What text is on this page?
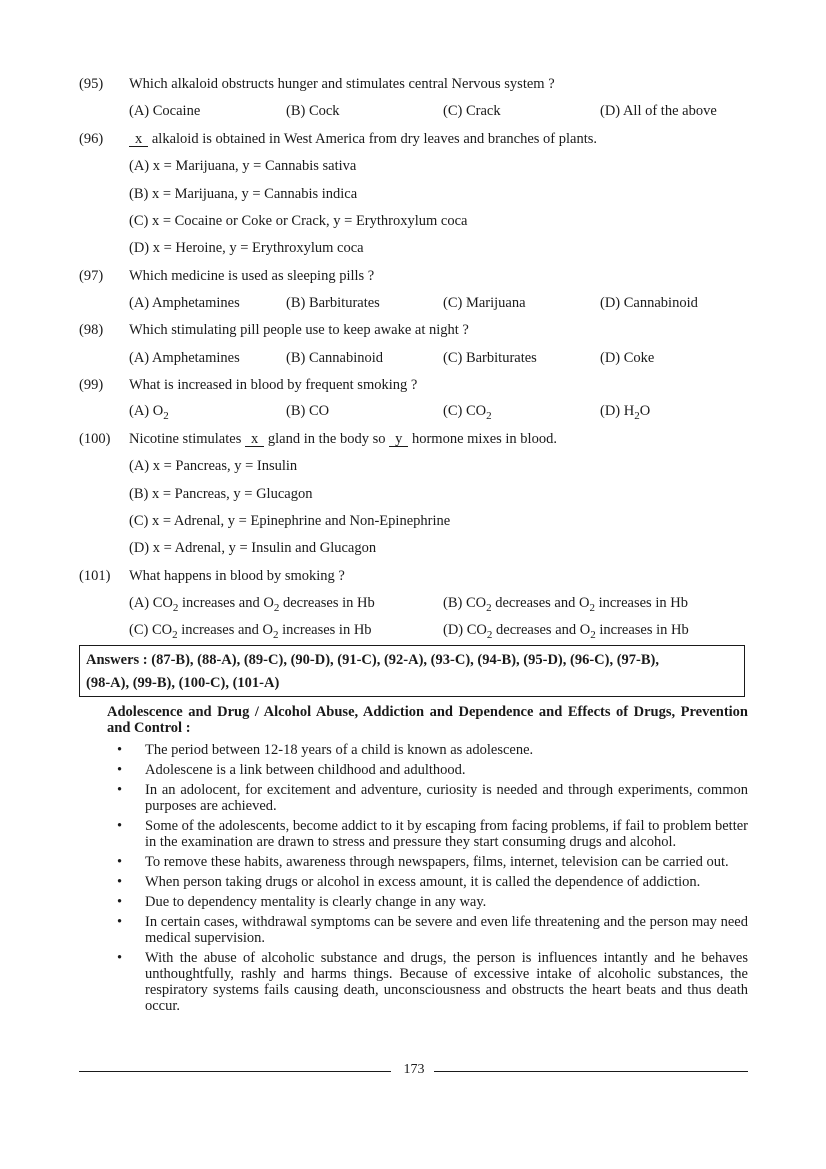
(95) Which alkaloid obstructs hunger and stimulates central Nervous system ?
(A) Cocaine	(B) Cock	(C) Crack	(D) All of the above
(96)	x alkaloid is obtained in West America from dry leaves and branches of plants.
(A) x = Marijuana, y = Cannabis sativa
(B) x = Marijuana, y = Cannabis indica
(C) x = Cocaine or Coke or Crack, y = Erythroxylum coca
(D) x = Heroine, y = Erythroxylum coca
(97) Which medicine is used as sleeping pills ?
(A) Amphetamines	(B) Barbiturates	(C) Marijuana	(D) Cannabinoid
(98) Which stimulating pill people use to keep awake at night ?
(A) Amphetamines	(B) Cannabinoid	(C) Barbiturates	(D) Coke
(99) What is increased in blood by frequent smoking ?
(A) $O_2$	(B) CO	(C) $CO_2$	(D) $H_2O$
(100) Nicotine stimulates x gland in the body so y hormone mixes in blood.
(A) x = Pancreas, y = Insulin
(B) x = Pancreas, y = Glucagon
(C) x = Adrenal, y = Epinephrine and Non-Epinephrine
(D) x = Adrenal, y = Insulin and Glucagon
(101) What happens in blood by smoking ?
(A) $CO_2$ increases and $O_2$ decreases in Hb	(B) $CO_2$ decreases and $O_2$ increases in Hb
(C) $CO_2$ increases and $O_2$ increases in Hb	(D) $CO_2$ decreases and $O_2$ increases in Hb
Answers : (87-B), (88-A), (89-C), (90-D), (91-C), (92-A), (93-C), (94-B), (95-D), (96-C), (97-B),
(98-A), (99-B), (100-C), (101-A)
Adolescence and Drug / Alcohol Abuse, Addiction and Dependence and Effects of Drugs, Prevention and Control :
• The period between 12-18 years of a child is known as adolescene.
• Adolescene is a link between childhood and adulthood.
• In an adolocent, for excitement and adventure, curiosity is needed and through experiments, common purposes are achieved.
• Some of the adolescents, become addict to it by escaping from facing problems, if fail to problem better in the examination are drawn to stress and pressure they start consuming drugs and alcohol.
• To remove these habits, awareness through newspapers, films, internet, television can be carried out.
• When person taking drugs or alcohol in excess amount, it is called the dependence of addiction.
• Due to dependency mentality is clearly change in any way.
• In certain cases, withdrawal symptoms can be severe and even life threatening and the person may need medical supervision.
• With the abuse of alcoholic substance and drugs, the person is influences intantly and he behaves unthoughtfully, rashly and harms things. Because of excessive intake of alcoholic substances, the respiratory systems fails causing death, unconsciousness and obstructs the heart beats and thus death occur.
173
